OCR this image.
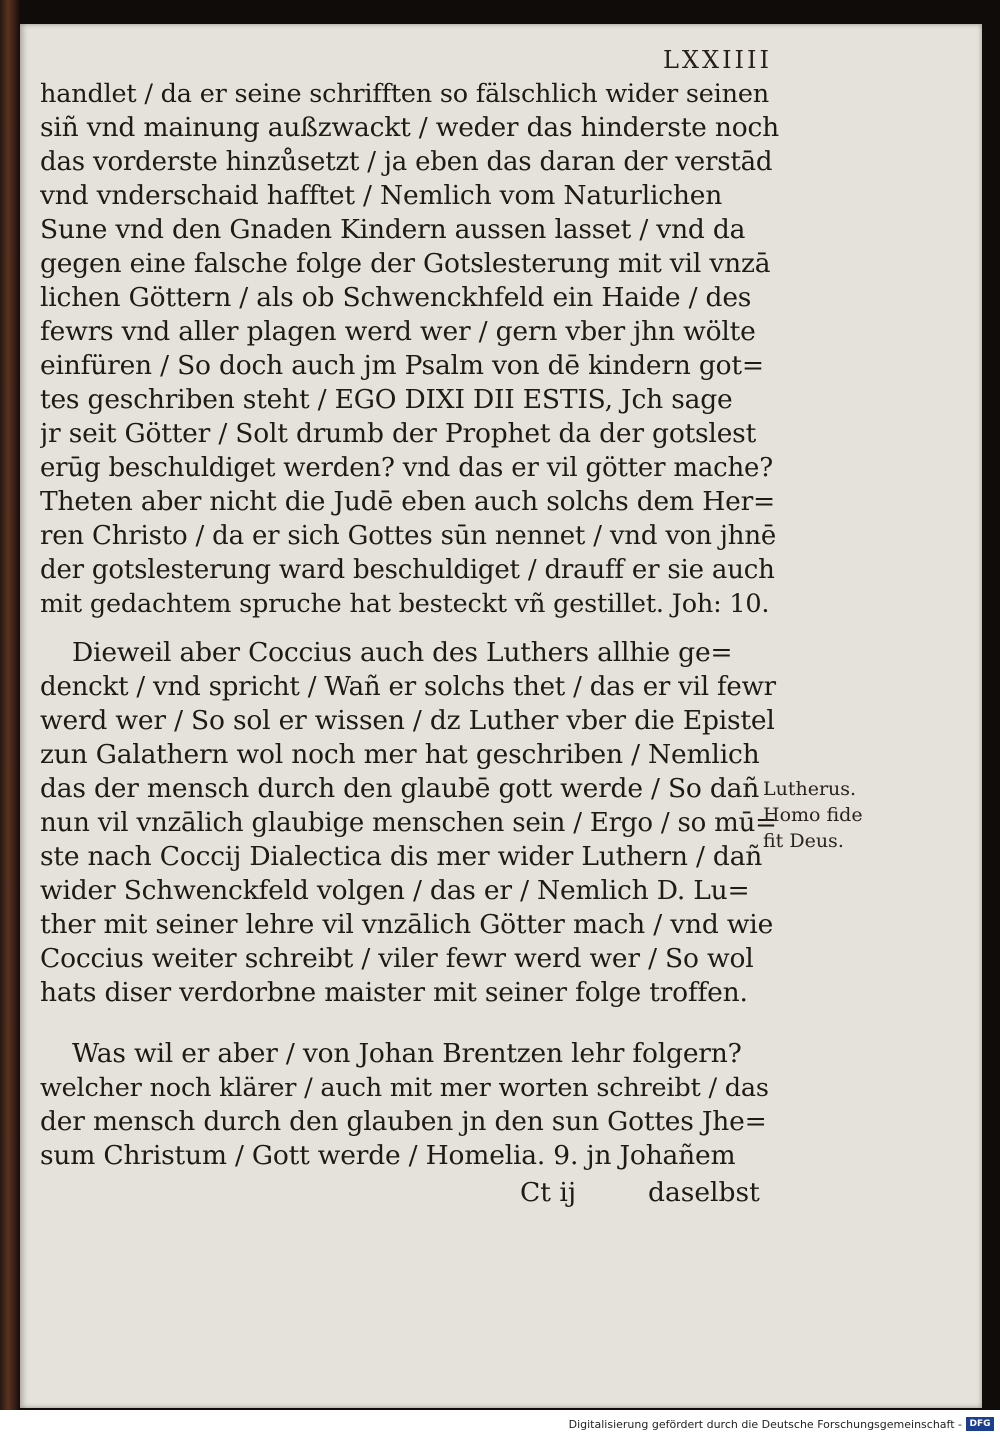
LXXIIII
handlet / da er seine schrifften so fälschlich wider seinen
siñ vnd mainung außzwackt / weder das hinderste noch
das vorderste hinzůsetzt / ja eben das daran der verstād
vnd vnderschaid hafftet / Nemlich vom Naturlichen
Sune vnd den Gnaden Kindern aussen lasset / vnd da
gegen eine falsche folge der Gotslesterung mit vil vnzā
lichen Göttern / als ob Schwenckhfeld ein Haide / des
fewrs vnd aller plagen werd wer / gern vber jhn wölte
einfüren / So doch auch jm Psalm von dē kindern got=
tes geschriben steht / EGO DIXI DII ESTIS, Jch sage
jr seit Götter / Solt drumb der Prophet da der gotslest
erūg beschuldiget werden? vnd das er vil götter mache?
Theten aber nicht die Judē eben auch solchs dem Her=
ren Christo / da er sich Gottes sūn nennet / vnd von jhnē
der gotslesterung ward beschuldiget / drauff er sie auch
mit gedachtem spruche hat besteckt vñ gestillet. Joh: 10.
Dieweil aber Coccius auch des Luthers allhie ge=
denckt / vnd spricht / Wañ er solchs thet / das er vil fewr
werd wer / So sol er wissen / dz Luther vber die Epistel
zun Galathern wol noch mer hat geschriben / Nemlich
das der mensch durch den glaubē gott werde / So dañ
nun vil vnzālich glaubige menschen sein / Ergo / so mū=
ste nach Coccij Dialectica dis mer wider Luthern / dañ
wider Schwenckfeld volgen / das er / Nemlich D. Lu=
ther mit seiner lehre vil vnzālich Götter mach / vnd wie
Coccius weiter schreibt / viler fewr werd wer / So wol
hats diser verdorbne maister mit seiner folge troffen.
Was wil er aber / von Johan Brentzen lehr folgern?
welcher noch klärer / auch mit mer worten schreibt / das
der mensch durch den glauben jn den sun Gottes Jhe=
sum Christum / Gott werde / Homelia. 9. jn Johañem
Lutherus.
Homo fide
fit Deus.
Ct ij	daselbst
Digitalisierung gefördert durch die Deutsche Forschungsgemeinschaft - DFG
